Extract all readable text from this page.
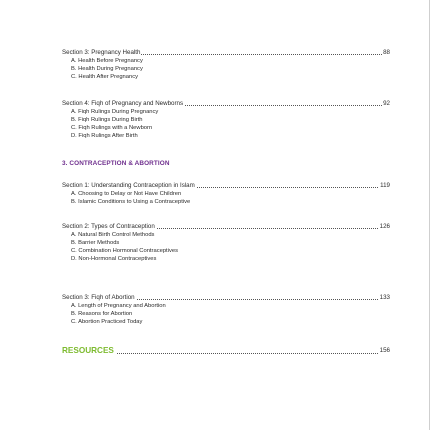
Section 3: Pregnancy Health	88
A. Health Before Pregnancy
B. Health During Pregnancy
C. Health After Pregnancy
Section 4: Fiqh of Pregnancy and Newborns	92
A. Fiqh Rulings During Pregnancy
B. Fiqh Rulings During Birth
C. Fiqh Rulings with a Newborn
D. Fiqh Rulings After Birth
3. CONTRACEPTION & ABORTION
Section 1: Understanding Contraception in Islam	119
A. Choosing to Delay or Not Have Children
B. Islamic Conditions to Using a Contraceptive
Section 2: Types of Contraception	126
A. Natural Birth Control Methods
B. Barrier Methods
C. Combination Hormonal Contraceptives
D. Non-Hormonal Contraceptives
Section 3: Fiqh of Abortion	133
A. Length of Pregnancy and Abortion
B. Reasons for Abortion
C. Abortion Practiced Today
RESOURCES	156
